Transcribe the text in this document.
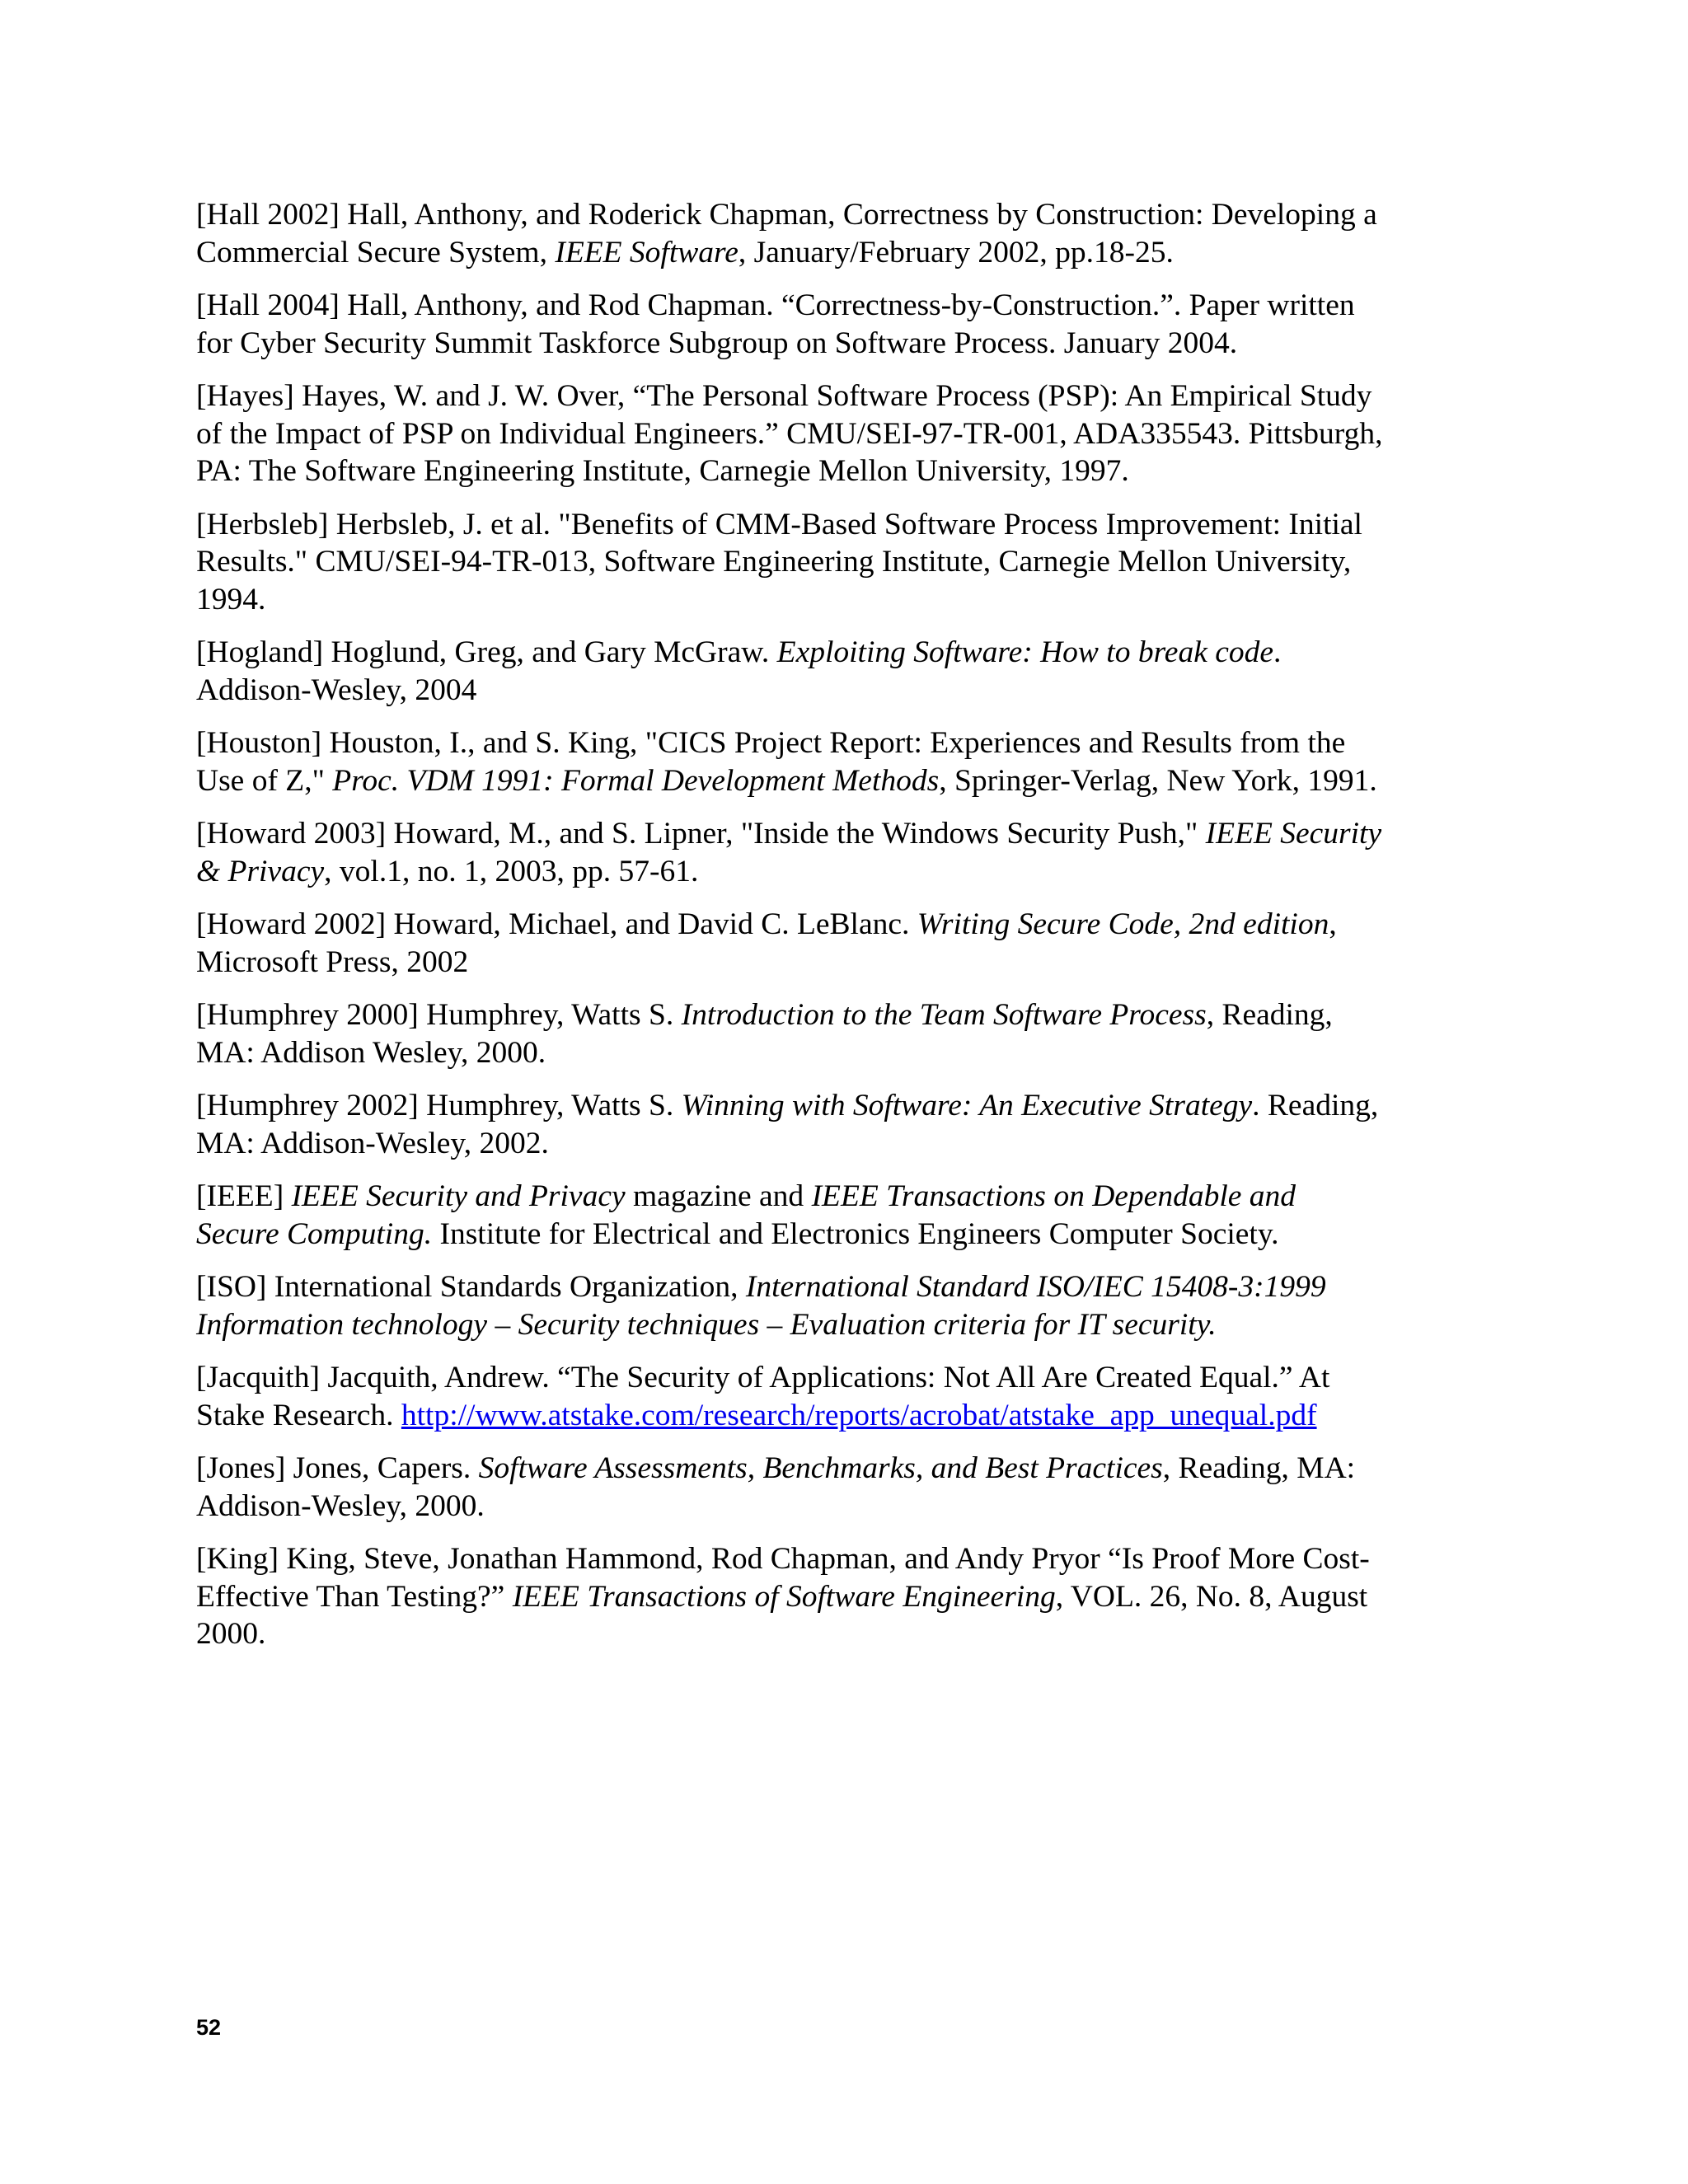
[Hall 2002] Hall, Anthony, and Roderick Chapman, Correctness by Construction: Developing a Commercial Secure System, IEEE Software, January/February 2002, pp.18-25.

[Hall 2004] Hall, Anthony, and Rod Chapman. “Correctness-by-Construction.”. Paper written for Cyber Security Summit Taskforce Subgroup on Software Process. January 2004.

[Hayes] Hayes, W. and J. W. Over, “The Personal Software Process (PSP): An Empirical Study of the Impact of PSP on Individual Engineers.” CMU/SEI-97-TR-001, ADA335543. Pittsburgh, PA: The Software Engineering Institute, Carnegie Mellon University, 1997.

[Herbsleb] Herbsleb, J. et al. "Benefits of CMM-Based Software Process Improvement: Initial Results." CMU/SEI-94-TR-013, Software Engineering Institute, Carnegie Mellon University, 1994.

[Hogland] Hoglund, Greg, and Gary McGraw. Exploiting Software: How to break code. Addison-Wesley, 2004

[Houston] Houston, I., and S. King, "CICS Project Report: Experiences and Results from the Use of Z," Proc. VDM 1991: Formal Development Methods, Springer-Verlag, New York, 1991.

[Howard 2003] Howard, M., and S. Lipner, "Inside the Windows Security Push," IEEE Security & Privacy, vol.1, no. 1, 2003, pp. 57-61.

[Howard 2002] Howard, Michael, and David C. LeBlanc. Writing Secure Code, 2nd edition, Microsoft Press, 2002

[Humphrey 2000] Humphrey, Watts S. Introduction to the Team Software Process, Reading, MA: Addison Wesley, 2000.

[Humphrey 2002] Humphrey, Watts S. Winning with Software: An Executive Strategy. Reading, MA: Addison-Wesley, 2002.

[IEEE] IEEE Security and Privacy magazine and IEEE Transactions on Dependable and Secure Computing. Institute for Electrical and Electronics Engineers Computer Society.

[ISO] International Standards Organization, International Standard ISO/IEC 15408-3:1999 Information technology – Security techniques – Evaluation criteria for IT security.

[Jacquith] Jacquith, Andrew. “The Security of Applications: Not All Are Created Equal.” At Stake Research. http://www.atstake.com/research/reports/acrobat/atstake_app_unequal.pdf

[Jones] Jones, Capers. Software Assessments, Benchmarks, and Best Practices, Reading, MA: Addison-Wesley, 2000.

[King] King, Steve, Jonathan Hammond, Rod Chapman, and Andy Pryor “Is Proof More Cost-Effective Than Testing?” IEEE Transactions of Software Engineering, VOL. 26, No. 8, August 2000.

52
